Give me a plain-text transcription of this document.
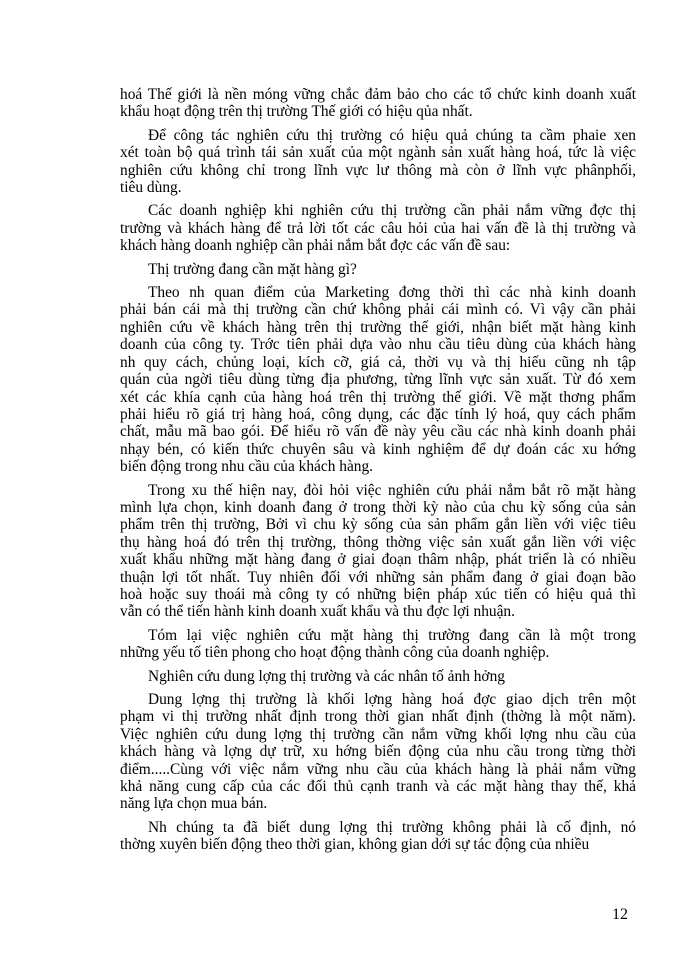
hoá Thế giới là nền móng vững chắc đảm bảo cho các tổ chức kinh doanh xuất
khẩu hoạt động trên thị trường Thế giới có hiệu qủa nhất.
Để công tác nghiên cứu thị trường có hiệu quả chúng ta cầm phaie xen
xét toàn bộ quá trình tái sản xuất của một ngành sản xuất hàng hoá, tức là việc
nghiên cứu không chỉ trong lĩnh vực lư thông mà còn ở lĩnh vực phânphối,
tiêu dùng.
Các doanh nghiệp khi nghiên cứu thị trường cần phải nắm vững đợc thị
trường và khách hàng để trả lời tốt các câu hỏi của hai vấn đề là thị trường và
khách hàng doanh nghiệp cần phải nắm bắt đợc các vấn đề sau:
Thị trường đang cần mặt hàng gì?
Theo nh quan điểm của Marketing đơng thời thì các nhà kinh doanh
phải bán cái mà thị trường cần chứ không phải cái mình có. Vì vậy cần phải
nghiên cứu về khách hàng trên thị trường thế giới, nhận biết mặt hàng kinh
doanh của công ty. Trớc tiên phải dựa vào nhu cầu tiêu dùng của khách hàng
nh quy cách, chủng loại, kích cỡ, giá cả, thời vụ và thị hiếu cũng nh tập
quán của ngời tiêu dùng từng địa phương, từng lĩnh vực sản xuất. Từ đó xem
xét các khía cạnh của hàng hoá trên thị trường thế giới. Về mặt thơng phẩm
phải hiểu rõ giá trị hàng hoá, công dụng, các đặc tính lý hoá, quy cách phẩm
chất, mẫu mã bao gói. Để hiểu rõ vấn đề này yêu cầu các nhà kinh doanh phải
nhạy bén, có kiến thức chuyên sâu và kinh nghiệm để dự đoán các xu hớng
biến động trong nhu cầu của khách hàng.
Trong xu thế hiện nay, đòi hỏi việc nghiên cứu phải nắm bắt rõ mặt hàng
mình lựa chọn, kinh doanh đang ở trong thời kỳ nào của chu kỳ sống của sản
phẩm trên thị trường, Bởi vì chu kỳ sống của sản phẩm gắn liền với việc tiêu
thụ hàng hoá đó trên thị trường, thông thờng việc sản xuất gắn liền với việc
xuất khẩu những mặt hàng đang ở giai đoạn thâm nhập, phát triển là có nhiều
thuận lợi tốt nhất. Tuy nhiên đối với những sản phẩm đang ở giai đoạn bão
hoà hoặc suy thoái mà công ty có những biện pháp xúc tiến có hiệu quả thì
vẫn có thể tiến hành kinh doanh xuất khẩu và thu đợc lợi nhuận.
Tóm lại việc nghiên cứu mặt hàng thị trường đang cần là một trong
những yếu tố tiên phong cho hoạt động thành công của doanh nghiệp.
Nghiên cứu dung lợng thị trường và các nhân tố ảnh hởng
Dung lợng thị trường là khối lợng hàng hoá đợc giao dịch trên một
phạm vi thị trường nhất định trong thời gian nhất định (thờng là một năm).
Việc nghiên cứu dung lợng thị trường cần nắm vững khối lợng nhu cầu của
khách hàng và lợng dự trữ, xu hớng biến động của nhu cầu trong từng thời
điểm.....Cùng với việc nắm vững nhu cầu của khách hàng là phải nắm vững
khả năng cung cấp của các đối thủ cạnh tranh và các mặt hàng thay thế, khả
năng lựa chọn mua bán.
Nh chúng ta đã biết dung lợng thị trường không phải là cố định, nó
thờng xuyên biến động theo thời gian, không gian dới sự tác động của nhiều
12
